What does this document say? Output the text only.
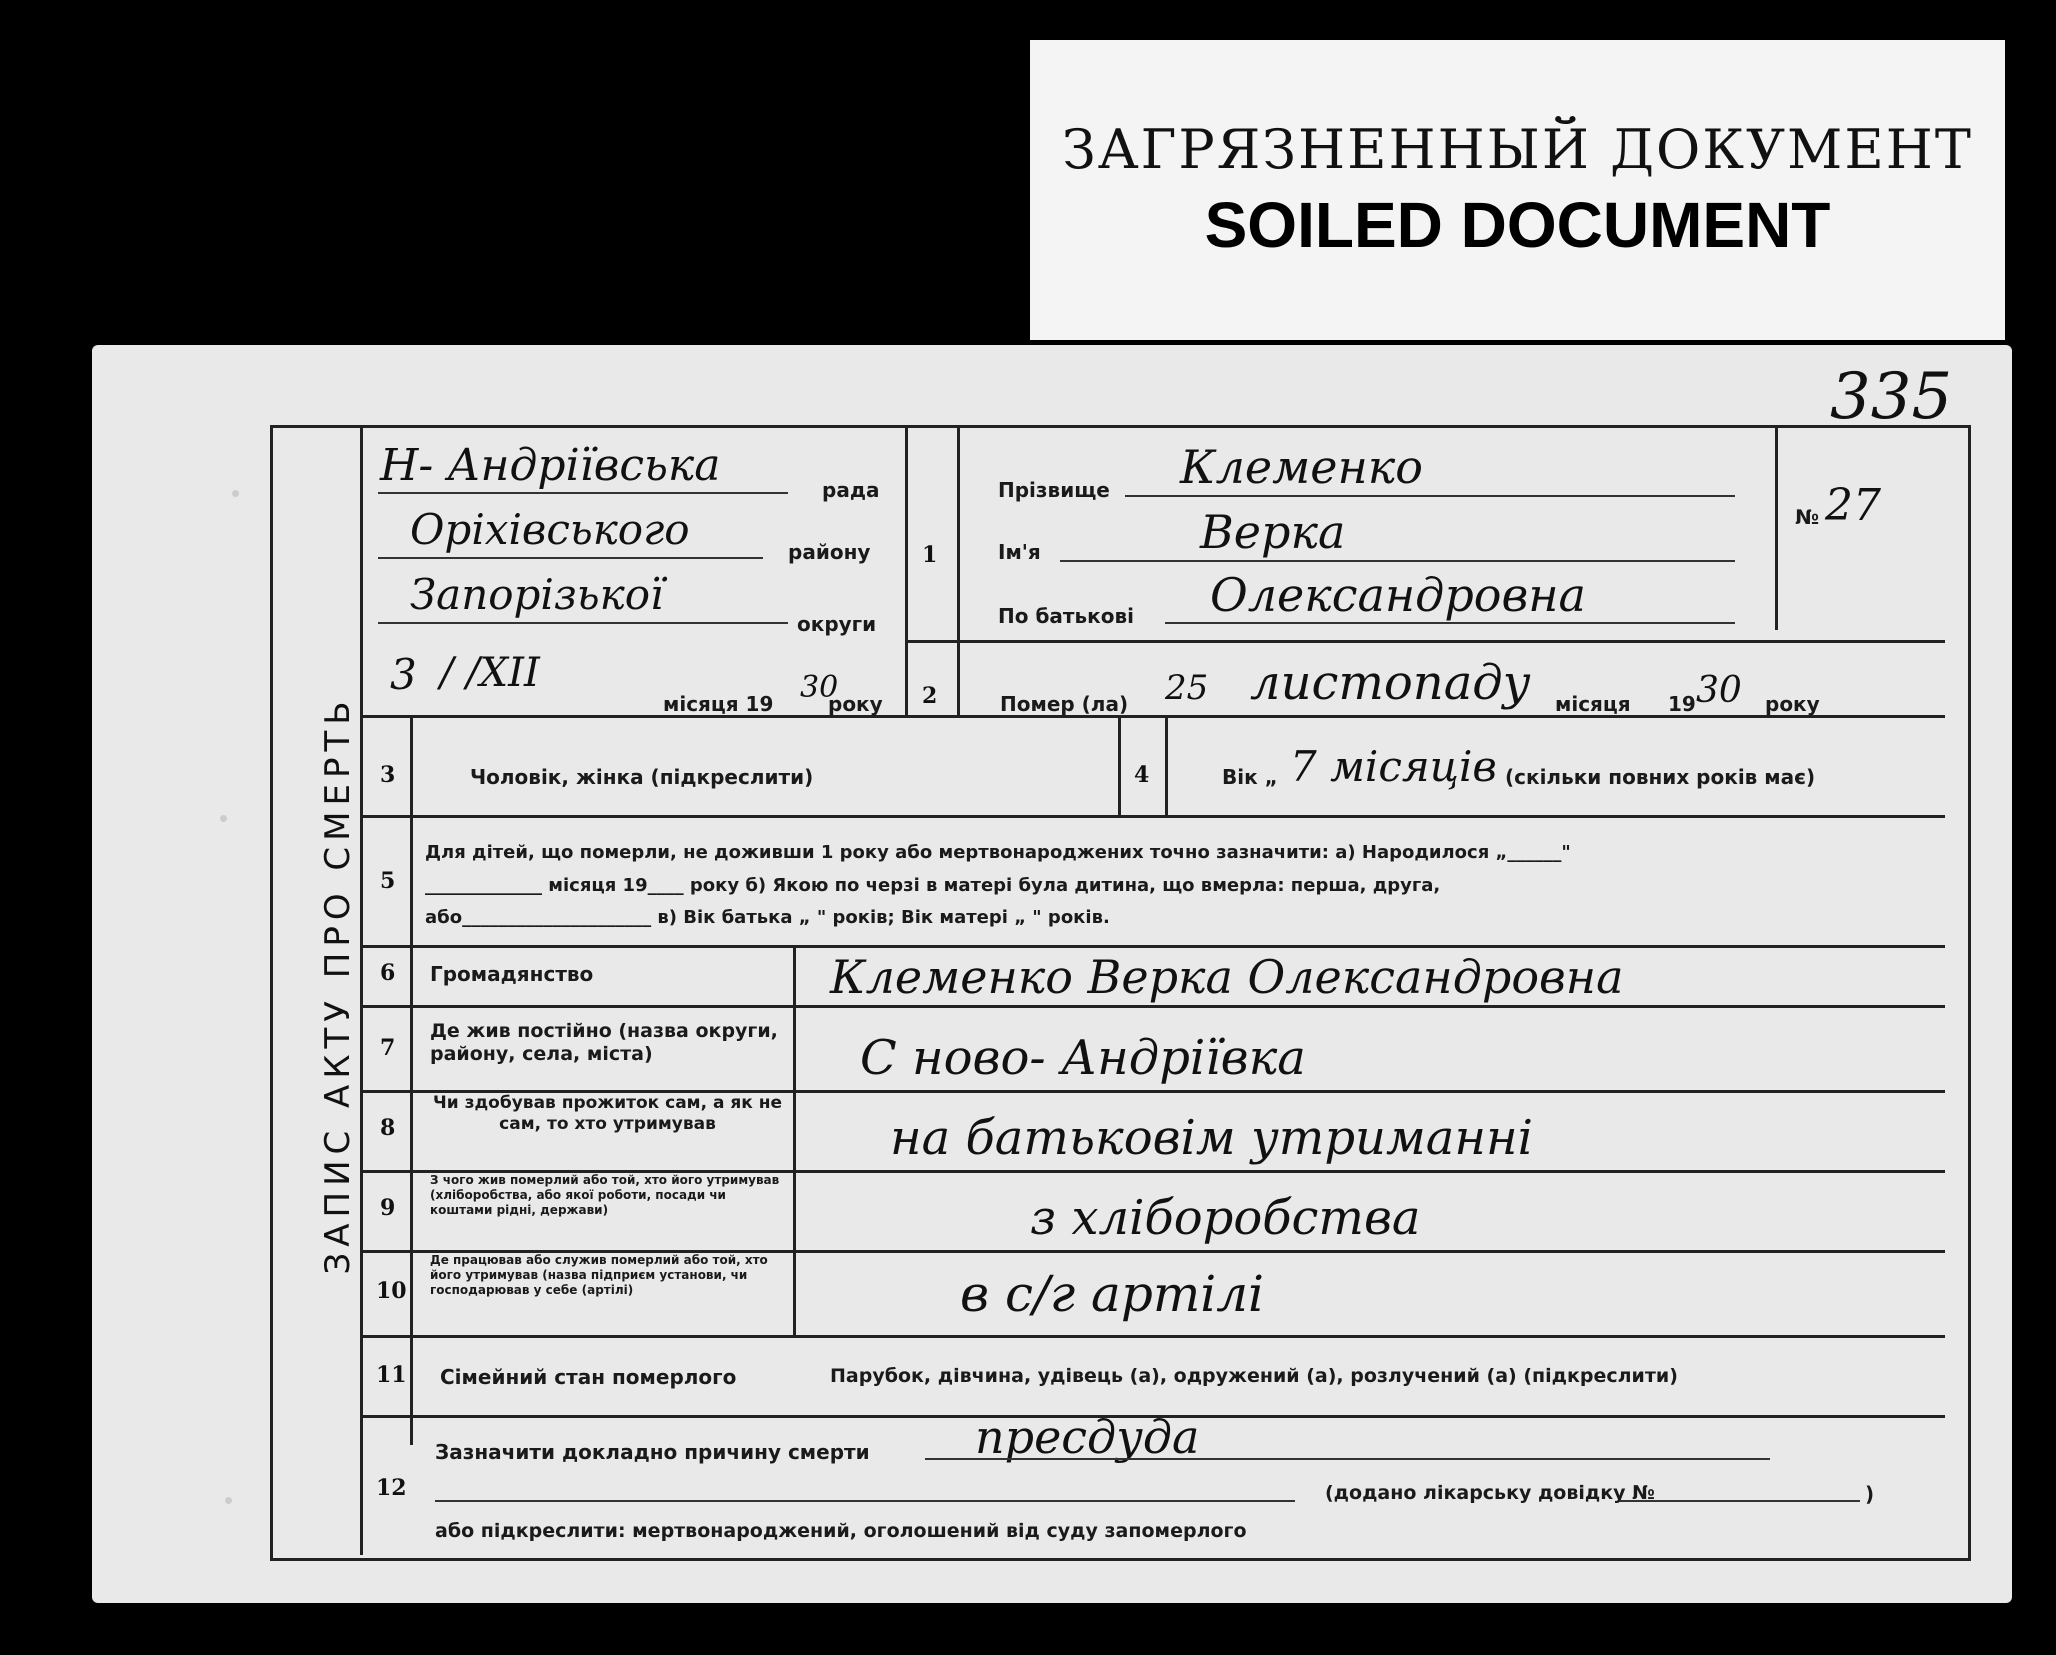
ЗАГРЯЗНЕННЫЙ ДОКУМЕНТ
SOILED DOCUMENT
335
ЗАПИС АКТУ ПРО СМЕРТЬ
Н- Андріївська	рада
Оріхівського	району
Запорізької
округи
3 / /XII
місяця 19 30
року
1
Прізвище Клеменко
Ім'я	Верка
По батькові Олександровна
№ 27
2	Помер (ла) 25 листопаду місяця 19 30 року
3	Чоловік, жінка (підкреслити)	4	Вік „ 7 місяців (скільки повних років має)
5
Для дітей, що померли, не доживши 1 року або мертвонароджених точно зазначити: а) Народилося „______"
_____________ місяця 19____ року б) Якою по черзі в матері була дитина, що вмерла: перша, друга,
або_____________________ в) Вік батька „ " років; Вік матері „ " років.
6 Громадянство	Клеменко Верка Олександровна
7
Де жив постійно (назва округи, району, села, міста)	С ново- Андріївка
8
Чи здобував прожиток сам, а як не сам, то хто утримував	на батьковім утриманні
9
З чого жив померлий або той, хто його утримував (хліборобства, або якої роботи, посади чи коштами рідні, держави)	з хліборобства
10
Де працював або служив померлий або той, хто його утримував (назва підприєм установи, чи господарював у себе (артілі)	в с/г артілі
11 Сімейний стан померлого	Парубок, дівчина, удівець (а), одружений (а), розлучений (а) (підкреслити)
12
Зазначити докладно причину смерти пресдуда
(додано лікарську довідку №	)
або підкреслити: мертвонароджений, оголошений від суду запомерлого
